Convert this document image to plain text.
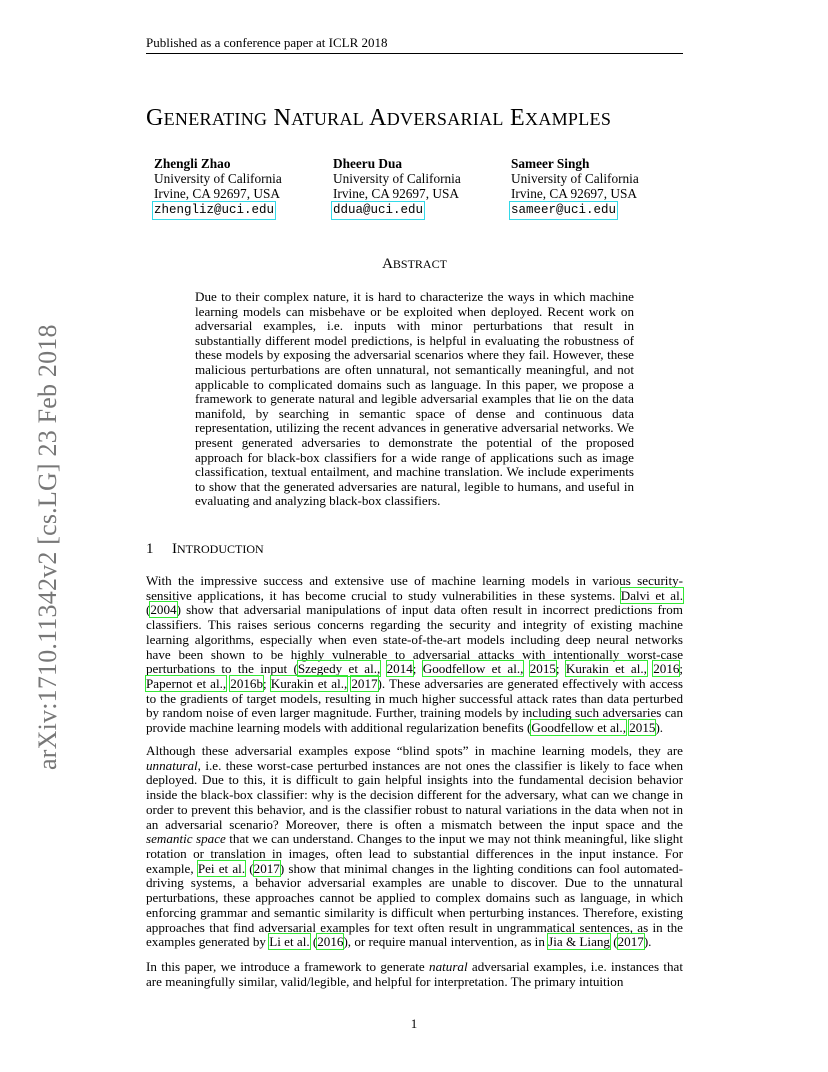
Published as a conference paper at ICLR 2018
arXiv:1710.11342v2 [cs.LG] 23 Feb 2018
GENERATING NATURAL ADVERSARIAL EXAMPLES
Zhengli Zhao
University of California
Irvine, CA 92697, USA
zhengliz@uci.edu
Dheeru Dua
University of California
Irvine, CA 92697, USA
ddua@uci.edu
Sameer Singh
University of California
Irvine, CA 92697, USA
sameer@uci.edu
ABSTRACT
Due to their complex nature, it is hard to characterize the ways in which machine learning models can misbehave or be exploited when deployed. Recent work on adversarial examples, i.e. inputs with minor perturbations that result in substantially different model predictions, is helpful in evaluating the robustness of these models by exposing the adversarial scenarios where they fail. However, these malicious perturbations are often unnatural, not semantically meaningful, and not applicable to complicated domains such as language. In this paper, we propose a framework to generate natural and legible adversarial examples that lie on the data manifold, by searching in semantic space of dense and continuous data representation, utilizing the recent advances in generative adversarial networks. We present generated adversaries to demonstrate the potential of the proposed approach for black-box classifiers for a wide range of applications such as image classification, textual entailment, and machine translation. We include experiments to show that the generated adversaries are natural, legible to humans, and useful in evaluating and analyzing black-box classifiers.
1 INTRODUCTION
With the impressive success and extensive use of machine learning models in various security-sensitive applications, it has become crucial to study vulnerabilities in these systems. Dalvi et al. (2004) show that adversarial manipulations of input data often result in incorrect predictions from classifiers. This raises serious concerns regarding the security and integrity of existing machine learning algorithms, especially when even state-of-the-art models including deep neural networks have been shown to be highly vulnerable to adversarial attacks with intentionally worst-case perturbations to the input (Szegedy et al., 2014; Goodfellow et al., 2015; Kurakin et al., 2016; Papernot et al., 2016b; Kurakin et al., 2017). These adversaries are generated effectively with access to the gradients of target models, resulting in much higher successful attack rates than data perturbed by random noise of even larger magnitude. Further, training models by including such adversaries can provide machine learning models with additional regularization benefits (Goodfellow et al., 2015).
Although these adversarial examples expose “blind spots” in machine learning models, they are unnatural, i.e. these worst-case perturbed instances are not ones the classifier is likely to face when deployed. Due to this, it is difficult to gain helpful insights into the fundamental decision behavior inside the black-box classifier: why is the decision different for the adversary, what can we change in order to prevent this behavior, and is the classifier robust to natural variations in the data when not in an adversarial scenario? Moreover, there is often a mismatch between the input space and the semantic space that we can understand. Changes to the input we may not think meaningful, like slight rotation or translation in images, often lead to substantial differences in the input instance. For example, Pei et al. (2017) show that minimal changes in the lighting conditions can fool automated-driving systems, a behavior adversarial examples are unable to discover. Due to the unnatural perturbations, these approaches cannot be applied to complex domains such as language, in which enforcing grammar and semantic similarity is difficult when perturbing instances. Therefore, existing approaches that find adversarial examples for text often result in ungrammatical sentences, as in the examples generated by Li et al. (2016), or require manual intervention, as in Jia & Liang (2017).
In this paper, we introduce a framework to generate natural adversarial examples, i.e. instances that are meaningfully similar, valid/legible, and helpful for interpretation. The primary intuition
1
